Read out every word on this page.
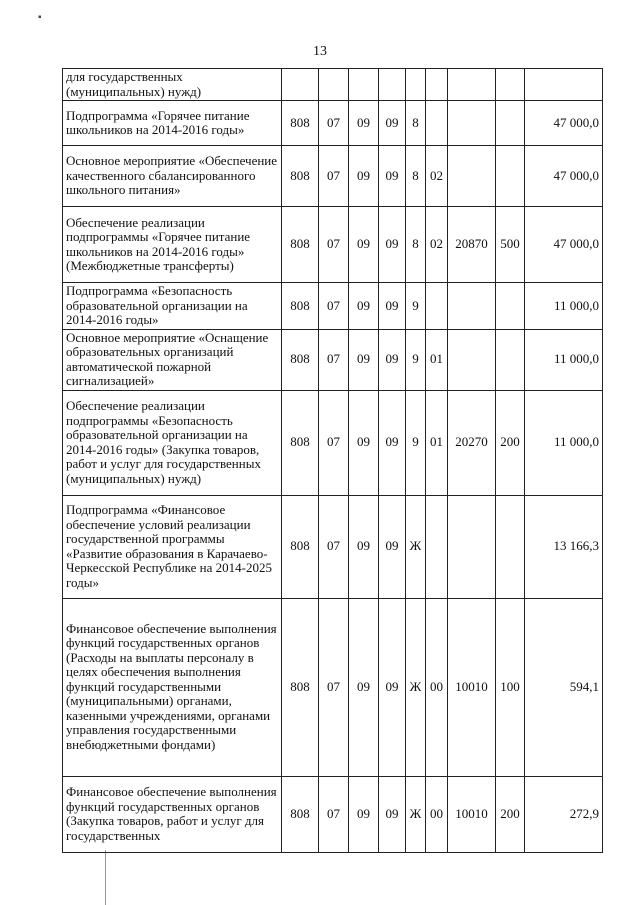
13
▪
для государственных (муниципальных) нужд)									
Подпрограмма «Горячее питание школьников на 2014-2016 годы»	808	07	09	09	8				47 000,0
Основное мероприятие «Обеспечение качественного сбалансированного школьного питания»	808	07	09	09	8	02			47 000,0
Обеспечение реализации подпрограммы «Горячее питание школьников на 2014-2016 годы» (Межбюджетные трансферты)	808	07	09	09	8	02	20870	500	47 000,0
Подпрограмма «Безопасность образовательной организации на 2014-2016 годы»	808	07	09	09	9				11 000,0
Основное мероприятие «Оснащение образовательных организаций автоматической пожарной сигнализацией»	808	07	09	09	9	01			11 000,0
Обеспечение реализации подпрограммы «Безопасность образовательной организации на 2014-2016 годы» (Закупка товаров, работ и услуг для государственных (муниципальных) нужд)	808	07	09	09	9	01	20270	200	11 000,0
Подпрограмма «Финансовое обеспечение условий реализации государственной программы «Развитие образования в Карачаево-Черкесской Республике на 2014-2025 годы»	808	07	09	09	Ж				13 166,3
Финансовое обеспечение выполнения функций государственных органов (Расходы на выплаты персоналу в целях обеспечения выполнения функций государственными (муниципальными) органами, казенными учреждениями, органами управления государственными внебюджетными фондами)	808	07	09	09	Ж	00	10010	100	594,1
Финансовое обеспечение выполнения функций государственных органов (Закупка товаров, работ и услуг для государственных	808	07	09	09	Ж	00	10010	200	272,9
